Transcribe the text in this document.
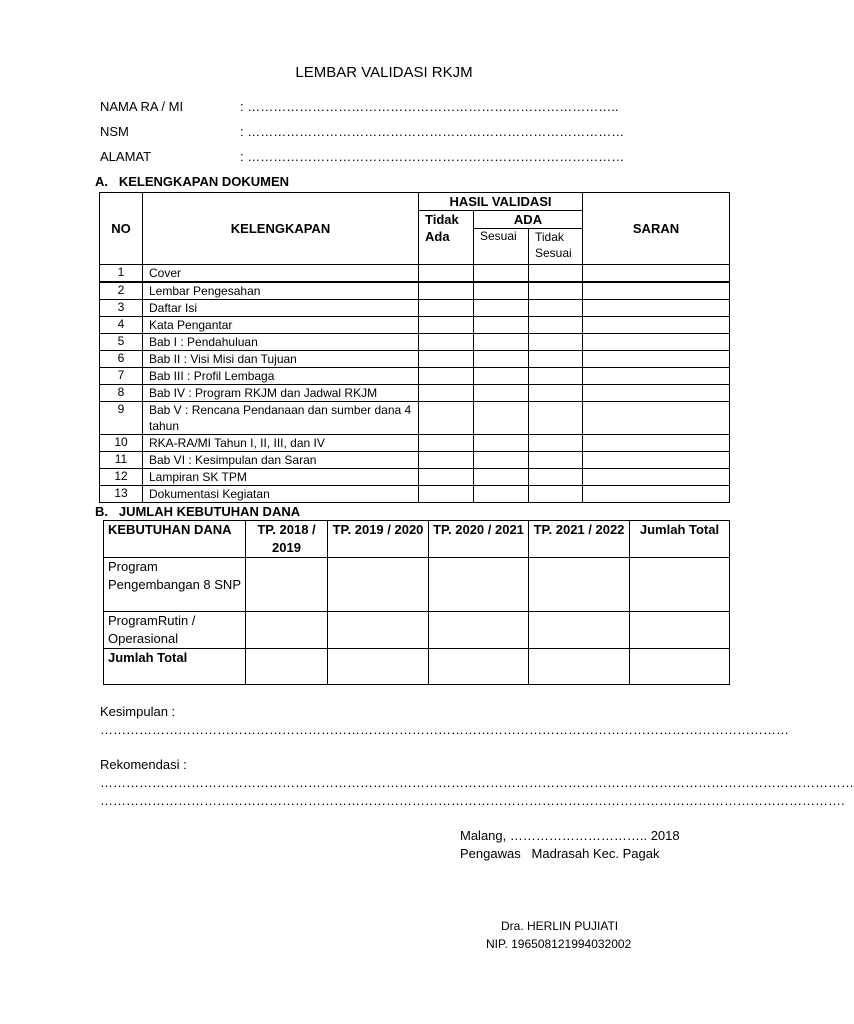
LEMBAR VALIDASI RKJM
NAMA RA / MI	: …………………………………………………………………………..
NSM	: ……………………………………………………………………………
ALAMAT	: ……………………………………………………………………………
A.   KELENGKAPAN DOKUMEN
NO	KELENGKAPAN	HASIL VALIDASI			SARAN
		Tidak Ada	ADA		
			Sesuai	Tidak Sesuai	
1	Cover				
2	Lembar Pengesahan				
3	Daftar Isi				
4	Kata Pengantar				
5	Bab I : Pendahuluan				
6	Bab II : Visi Misi dan Tujuan				
7	Bab III : Profil Lembaga				
8	Bab IV : Program RKJM dan Jadwal RKJM				
9	Bab V : Rencana Pendanaan dan sumber dana 4 tahun				
10	RKA-RA/MI Tahun I, II, III, dan IV				
11	Bab VI : Kesimpulan dan Saran				
12	Lampiran SK TPM				
13	Dokumentasi Kegiatan				
B.   JUMLAH KEBUTUHAN DANA
KEBUTUHAN DANA	TP. 2018 / 2019	TP. 2019 / 2020	TP. 2020 / 2021	TP. 2021 / 2022	Jumlah Total
Program Pengembangan 8 SNP					
ProgramRutin / Operasional					
Jumlah Total					
Kesimpulan :
……………………………………………………………………………………………………………………………………………
Rekomendasi :
…………………………………………………………………………………………………………………………………………………………
……………………………………………………………………………………………………………………………………………………….
Malang, ………………………….. 2018
Pengawas   Madrasah Kec. Pagak
Dra. HERLIN PUJIATI
NIP. 196508121994032002
